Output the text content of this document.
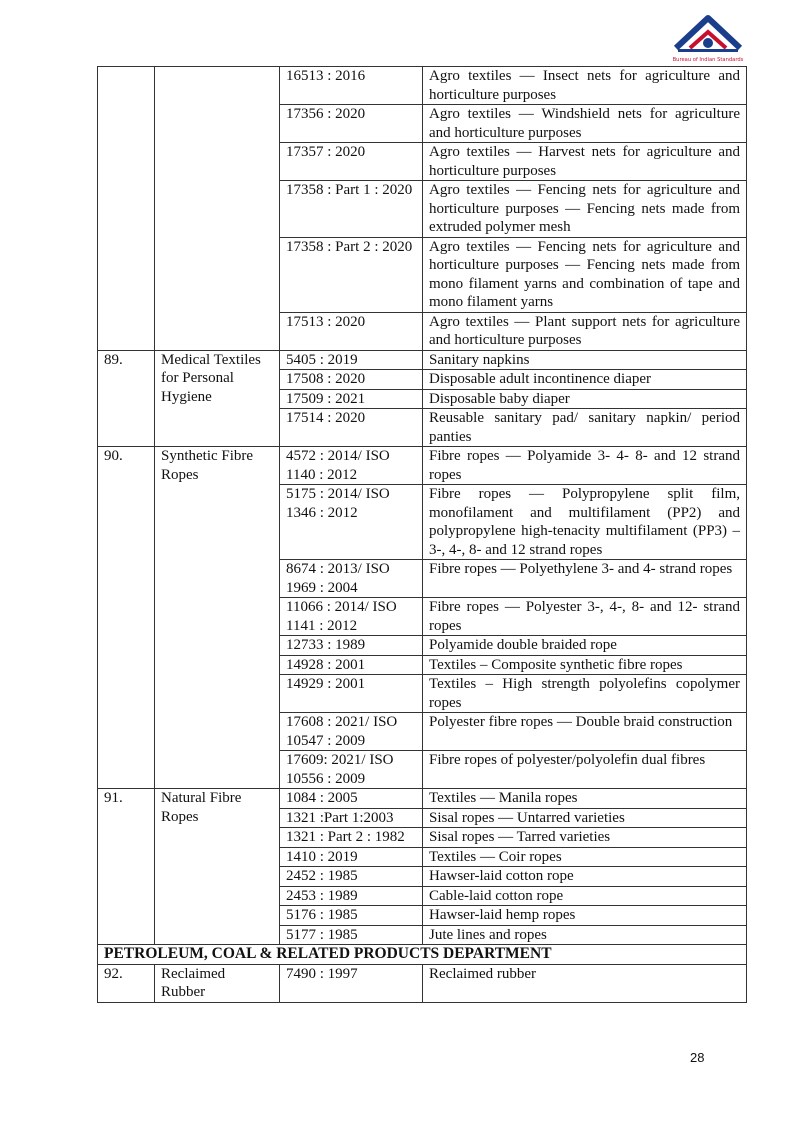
Bureau of Indian Standards
		16513 : 2016	Agro textiles — Insect nets for agriculture and horticulture purposes
		17356 : 2020	Agro textiles — Windshield nets for agriculture and horticulture purposes
		17357 : 2020	Agro textiles — Harvest nets for agriculture and horticulture purposes
		17358 : Part 1 : 2020	Agro textiles — Fencing nets for agriculture and horticulture purposes — Fencing nets made from extruded polymer mesh
		17358 : Part 2 : 2020	Agro textiles — Fencing nets for agriculture and horticulture purposes — Fencing nets made from mono filament yarns and combination of tape and mono filament yarns
		17513 : 2020	Agro textiles — Plant support nets for agriculture and horticulture purposes
89.	Medical Textiles for Personal Hygiene	5405 : 2019	Sanitary napkins
		17508 : 2020	Disposable adult incontinence diaper
		17509 : 2021	Disposable baby diaper
		17514 : 2020	Reusable sanitary pad/ sanitary napkin/ period panties
90.	Synthetic Fibre Ropes	4572 : 2014/ ISO 1140 : 2012	Fibre ropes — Polyamide 3- 4- 8- and 12 strand ropes
		5175 : 2014/ ISO 1346 : 2012	Fibre ropes — Polypropylene split film, monofilament and multifilament (PP2) and polypropylene high-tenacity multifilament (PP3) – 3-, 4-, 8- and 12 strand ropes
		8674 : 2013/ ISO 1969 : 2004	Fibre ropes — Polyethylene 3- and 4- strand ropes
		11066 : 2014/ ISO 1141 : 2012	Fibre ropes — Polyester 3-, 4-, 8- and 12- strand ropes
		12733 : 1989	Polyamide double braided rope
		14928 : 2001	Textiles – Composite synthetic fibre ropes
		14929 : 2001	Textiles – High strength polyolefins copolymer ropes
		17608 : 2021/ ISO 10547 : 2009	Polyester fibre ropes — Double braid construction
		17609: 2021/ ISO 10556 : 2009	Fibre ropes of polyester/polyolefin dual fibres
91.	Natural Fibre Ropes	1084 : 2005	Textiles — Manila ropes
		1321 :Part 1:2003	Sisal ropes — Untarred varieties
		1321 : Part 2 : 1982	Sisal ropes — Tarred varieties
		1410 : 2019	Textiles — Coir ropes
		2452 : 1985	Hawser-laid cotton rope
		2453 : 1989	Cable-laid cotton rope
		5176 : 1985	Hawser-laid hemp ropes
		5177 : 1985	Jute lines and ropes
PETROLEUM, COAL & RELATED PRODUCTS DEPARTMENT			
92.	Reclaimed Rubber	7490 : 1997	Reclaimed rubber
28
